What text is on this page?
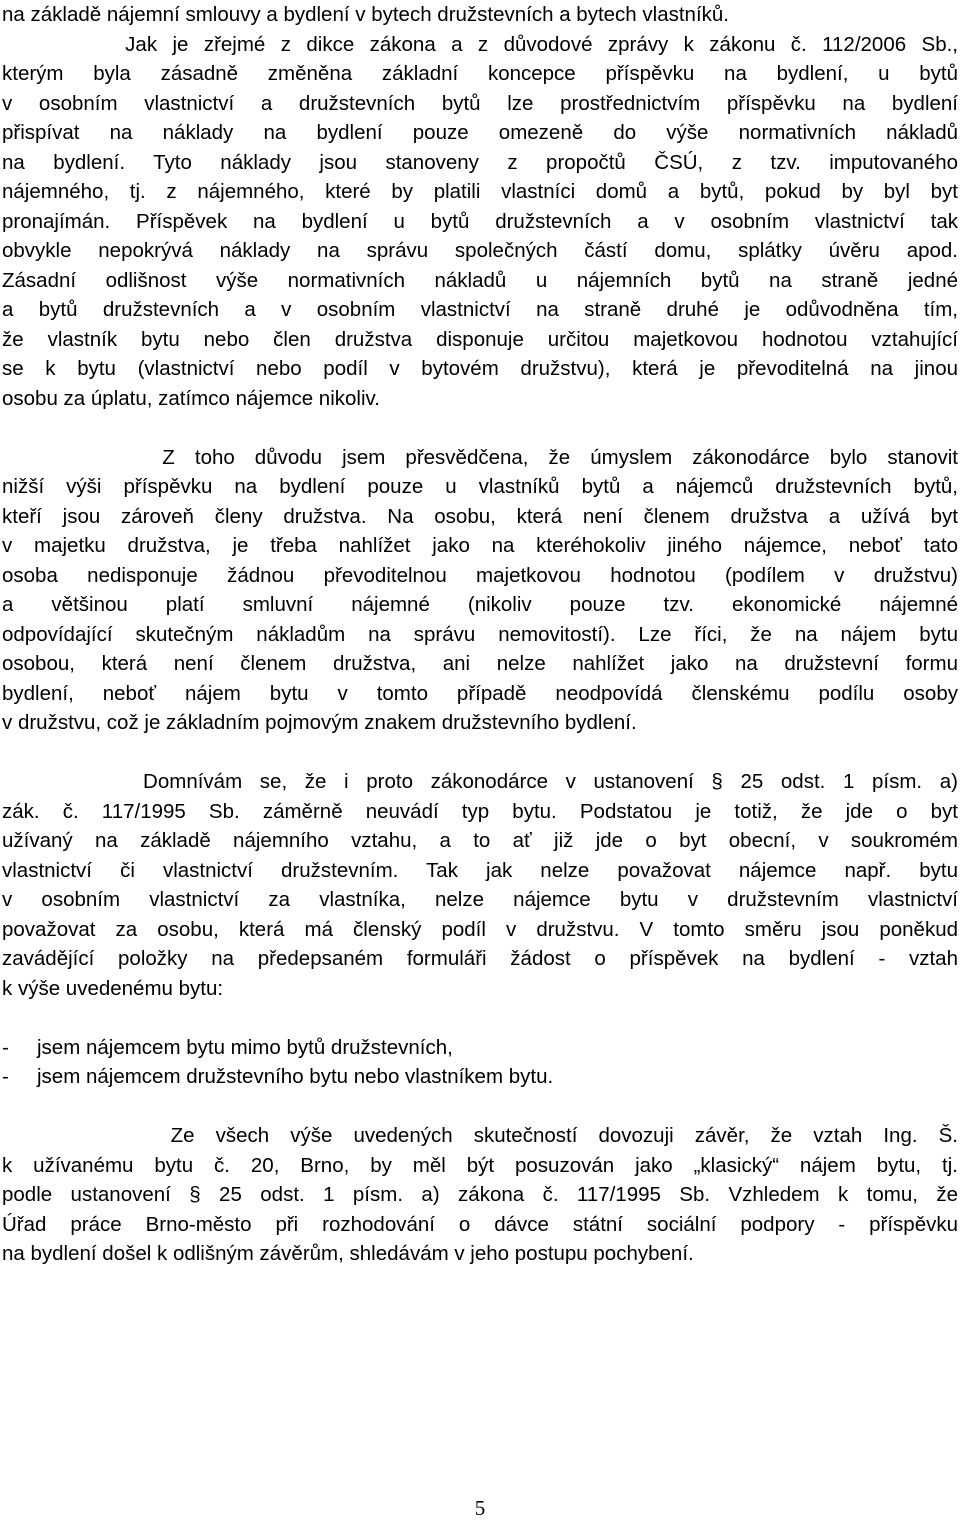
na základě nájemní smlouvy a bydlení v bytech družstevních a bytech vlastníků.
Jak je zřejmé z dikce zákona a z důvodové zprávy k zákonu č. 112/2006 Sb.,
kterým byla zásadně změněna základní koncepce příspěvku na bydlení, u bytů
v osobním vlastnictví a družstevních bytů lze prostřednictvím příspěvku na bydlení
přispívat na náklady na bydlení pouze omezeně do výše normativních nákladů
na bydlení. Tyto náklady jsou stanoveny z propočtů ČSÚ, z tzv. imputovaného
nájemného, tj. z nájemného, které by platili vlastníci domů a bytů, pokud by byl byt
pronajímán. Příspěvek na bydlení u bytů družstevních a v osobním vlastnictví tak
obvykle nepokrývá náklady na správu společných částí domu, splátky úvěru apod.
Zásadní odlišnost výše normativních nákladů u nájemních bytů na straně jedné
a bytů družstevních a v osobním vlastnictví na straně druhé je odůvodněna tím,
že vlastník bytu nebo člen družstva disponuje určitou majetkovou hodnotou vztahující
se k bytu (vlastnictví nebo podíl v bytovém družstvu), která je převoditelná na jinou
osobu za úplatu, zatímco nájemce nikoliv.
Z toho důvodu jsem přesvědčena, že úmyslem zákonodárce bylo stanovit
nižší výši příspěvku na bydlení pouze u vlastníků bytů a nájemců družstevních bytů,
kteří jsou zároveň členy družstva. Na osobu, která není členem družstva a užívá byt
v majetku družstva, je třeba nahlížet jako na kteréhokoliv jiného nájemce, neboť tato
osoba nedisponuje žádnou převoditelnou majetkovou hodnotou (podílem v družstvu)
a většinou platí smluvní nájemné (nikoliv pouze tzv. ekonomické nájemné
odpovídající skutečným nákladům na správu nemovitostí). Lze říci, že na nájem bytu
osobou, která není členem družstva, ani nelze nahlížet jako na družstevní formu
bydlení, neboť nájem bytu v tomto případě neodpovídá členskému podílu osoby
v družstvu, což je základním pojmovým znakem družstevního bydlení.
Domnívám se, že i proto zákonodárce v ustanovení § 25 odst. 1 písm. a)
zák. č. 117/1995 Sb. záměrně neuvádí typ bytu. Podstatou je totiž, že jde o byt
užívaný na základě nájemního vztahu, a to ať již jde o byt obecní, v soukromém
vlastnictví či vlastnictví družstevním. Tak jak nelze považovat nájemce např. bytu
v osobním vlastnictví za vlastníka, nelze nájemce bytu v družstevním vlastnictví
považovat za osobu, která má členský podíl v družstvu. V tomto směru jsou poněkud
zavádějící položky na předepsaném formuláři žádost o příspěvek na bydlení - vztah
k výše uvedenému bytu:
-	jsem nájemcem bytu mimo bytů družstevních,
-	jsem nájemcem družstevního bytu nebo vlastníkem bytu.
Ze všech výše uvedených skutečností dovozuji závěr, že vztah Ing. Š.
k užívanému bytu č. 20, Brno, by měl být posuzován jako „klasický“ nájem bytu, tj.
podle ustanovení § 25 odst. 1 písm. a) zákona č. 117/1995 Sb. Vzhledem k tomu, že
Úřad práce Brno-město při rozhodování o dávce státní sociální podpory - příspěvku
na bydlení došel k odlišným závěrům, shledávám v jeho postupu pochybení.
5
